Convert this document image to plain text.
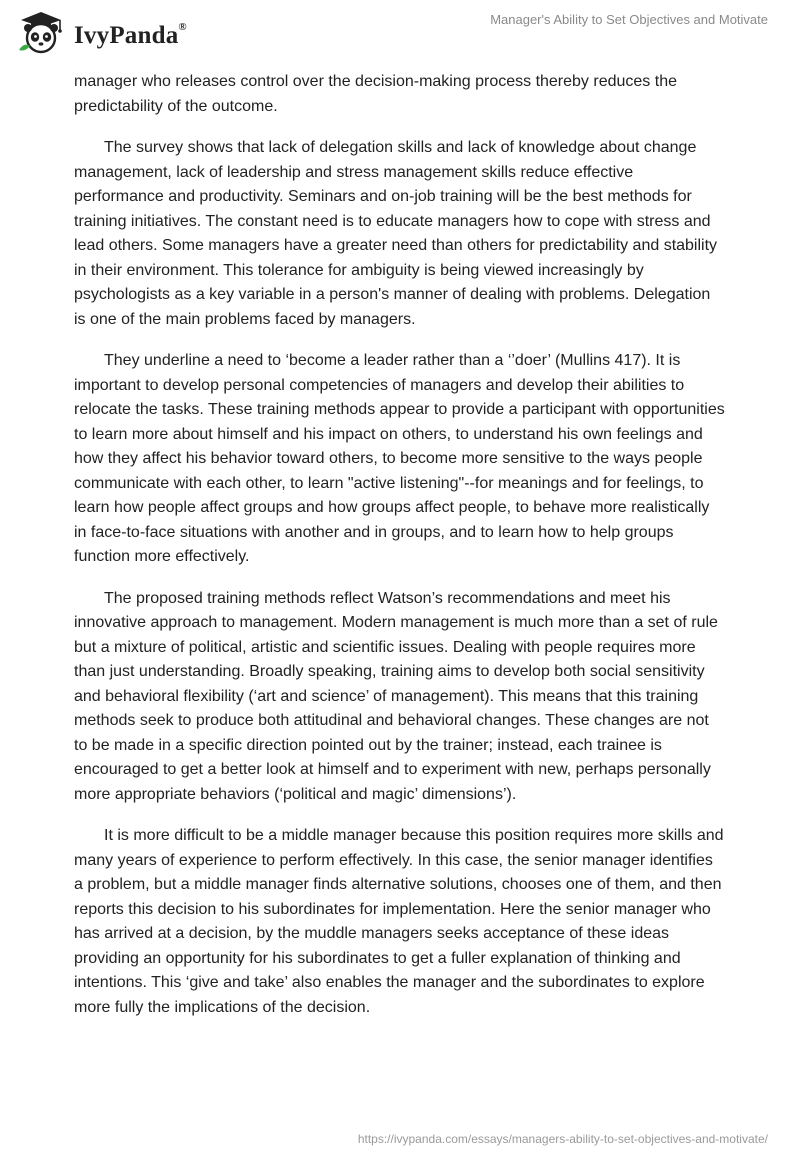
IvyPanda®	Manager's Ability to Set Objectives and Motivate

manager who releases control over the decision-making process thereby reduces the predictability of the outcome.

The survey shows that lack of delegation skills and lack of knowledge about change management, lack of leadership and stress management skills reduce effective performance and productivity. Seminars and on-job training will be the best methods for training initiatives. The constant need is to educate managers how to cope with stress and lead others. Some managers have a greater need than others for predictability and stability in their environment. This tolerance for ambiguity is being viewed increasingly by psychologists as a key variable in a person's manner of dealing with problems. Delegation is one of the main problems faced by managers.

They underline a need to ‘become a leader rather than a ‘’doer’ (Mullins 417). It is important to develop personal competencies of managers and develop their abilities to relocate the tasks. These training methods appear to provide a participant with opportunities to learn more about himself and his impact on others, to understand his own feelings and how they affect his behavior toward others, to become more sensitive to the ways people communicate with each other, to learn "active listening"--for meanings and for feelings, to learn how people affect groups and how groups affect people, to behave more realistically in face-to-face situations with another and in groups, and to learn how to help groups function more effectively.

The proposed training methods reflect Watson’s recommendations and meet his innovative approach to management. Modern management is much more than a set of rule but a mixture of political, artistic and scientific issues. Dealing with people requires more than just understanding. Broadly speaking, training aims to develop both social sensitivity and behavioral flexibility (‘art and science’ of management). This means that this training methods seek to produce both attitudinal and behavioral changes. These changes are not to be made in a specific direction pointed out by the trainer; instead, each trainee is encouraged to get a better look at himself and to experiment with new, perhaps personally more appropriate behaviors (‘political and magic’ dimensions’).

It is more difficult to be a middle manager because this position requires more skills and many years of experience to perform effectively. In this case, the senior manager identifies a problem, but a middle manager finds alternative solutions, chooses one of them, and then reports this decision to his subordinates for implementation. Here the senior manager who has arrived at a decision, by the muddle managers seeks acceptance of these ideas providing an opportunity for his subordinates to get a fuller explanation of thinking and intentions. This ‘give and take’ also enables the manager and the subordinates to explore more fully the implications of the decision.

https://ivypanda.com/essays/managers-ability-to-set-objectives-and-motivate/
